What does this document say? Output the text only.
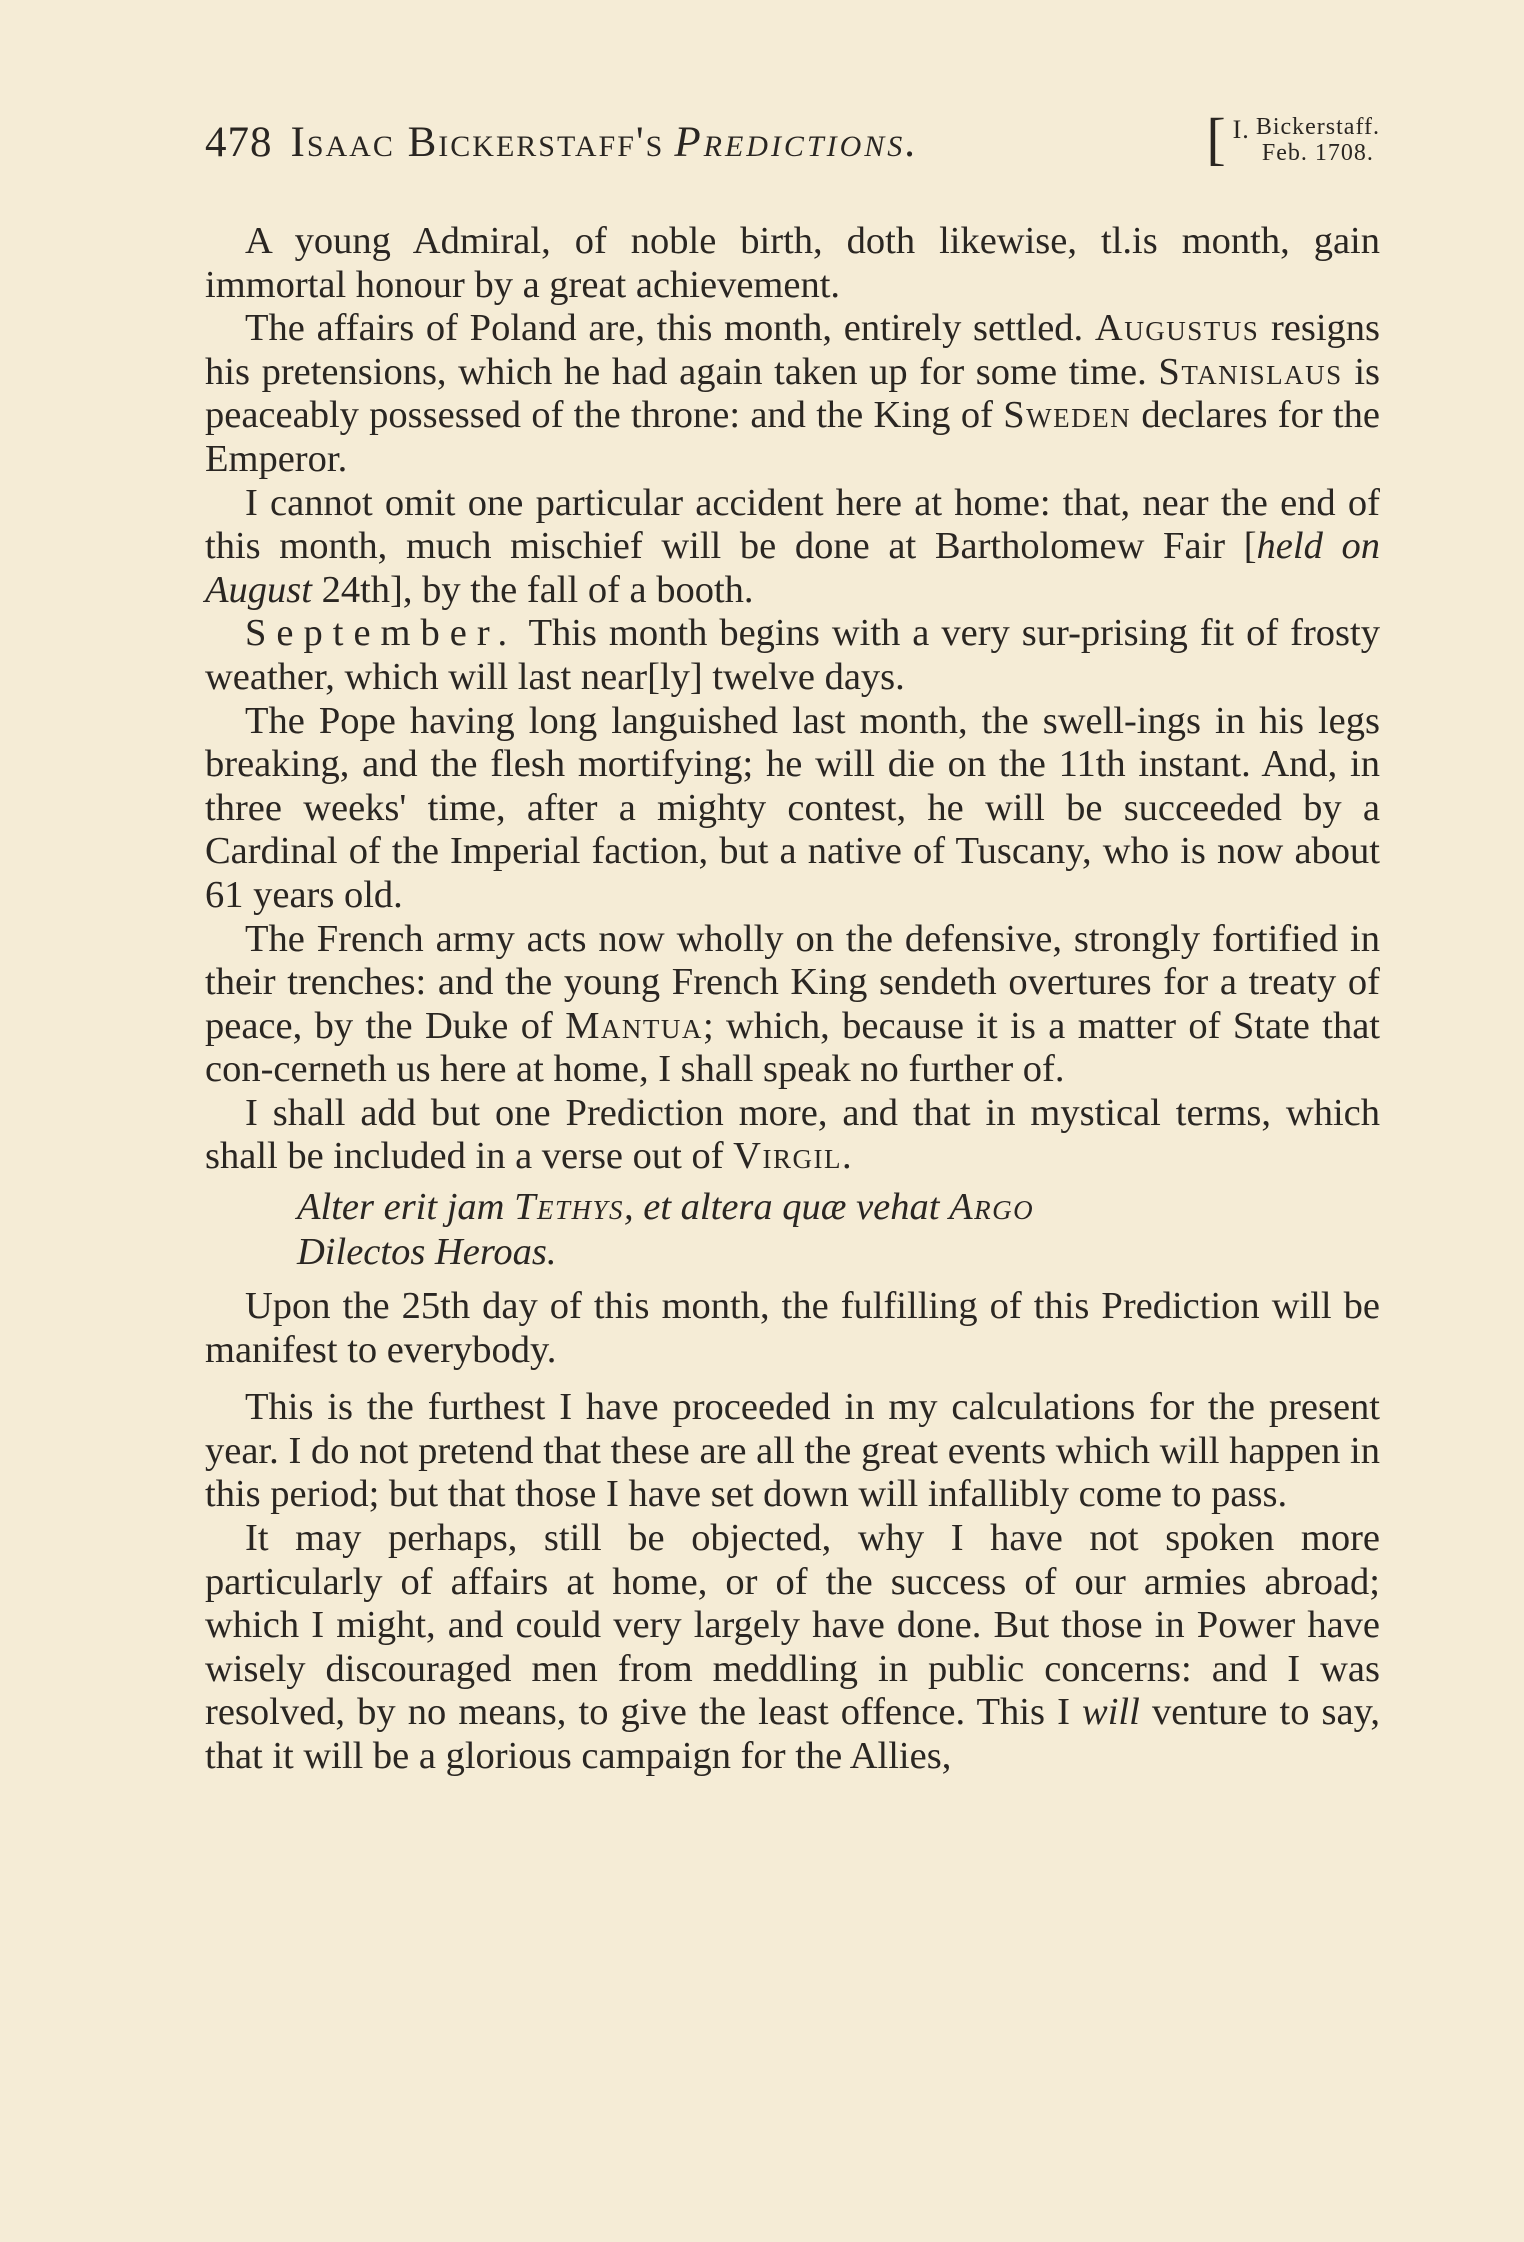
478 Isaac Bickerstaff's Predictions.	[ I. Bickerstaff.
Feb. 1708.

A young Admiral, of noble birth, doth likewise, tl.is month, gain immortal honour by a great achievement.

The affairs of Poland are, this month, entirely settled. Augustus resigns his pretensions, which he had again taken up for some time. Stanislaus is peaceably possessed of the throne: and the King of Sweden declares for the Emperor.

I cannot omit one particular accident here at home: that, near the end of this month, much mischief will be done at Bartholomew Fair [held on August 24th], by the fall of a booth.

September. This month begins with a very sur-prising fit of frosty weather, which will last near[ly] twelve days.

The Pope having long languished last month, the swell-ings in his legs breaking, and the flesh mortifying; he will die on the 11th instant. And, in three weeks' time, after a mighty contest, he will be succeeded by a Cardinal of the Imperial faction, but a native of Tuscany, who is now about 61 years old.

The French army acts now wholly on the defensive, strongly fortified in their trenches: and the young French King sendeth overtures for a treaty of peace, by the Duke of Mantua; which, because it is a matter of State that con-cerneth us here at home, I shall speak no further of.

I shall add but one Prediction more, and that in mystical terms, which shall be included in a verse out of Virgil.

Alter erit jam Tethys, et altera quæ vehat Argo
Dilectos Heroas.

Upon the 25th day of this month, the fulfilling of this Prediction will be manifest to everybody.

This is the furthest I have proceeded in my calculations for the present year. I do not pretend that these are all the great events which will happen in this period; but that those I have set down will infallibly come to pass.

It may perhaps, still be objected, why I have not spoken more particularly of affairs at home, or of the success of our armies abroad; which I might, and could very largely have done. But those in Power have wisely discouraged men from meddling in public concerns: and I was resolved, by no means, to give the least offence. This I will venture to say, that it will be a glorious campaign for the Allies,
